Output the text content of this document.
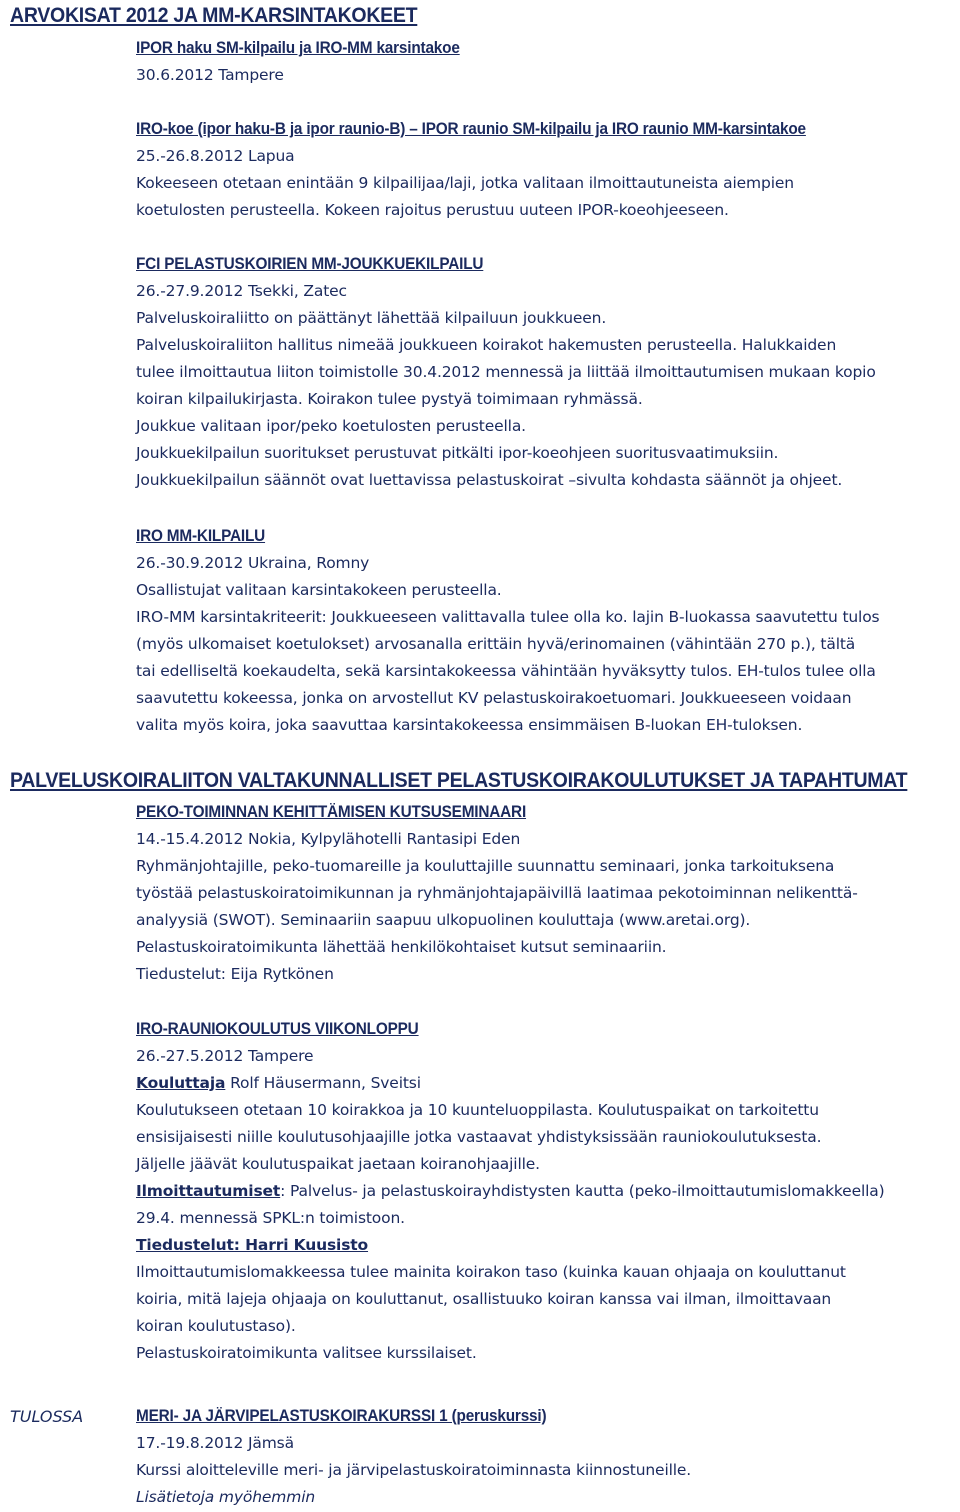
ARVOKISAT 2012 JA MM-KARSINTAKOKEET
IPOR haku SM-kilpailu ja IRO-MM karsintakoe
30.6.2012 Tampere
IRO-koe (ipor haku-B ja ipor raunio-B) – IPOR raunio SM-kilpailu ja IRO raunio MM-karsintakoe
25.-26.8.2012 Lapua
Kokeeseen otetaan enintään 9 kilpailijaa/laji, jotka valitaan ilmoittautuneista aiempien
koetulosten perusteella. Kokeen rajoitus perustuu uuteen IPOR-koeohjeeseen.
FCI PELASTUSKOIRIEN MM-JOUKKUEKILPAILU
26.-27.9.2012 Tsekki, Zatec
Palveluskoiraliitto on päättänyt lähettää kilpailuun joukkueen.
Palveluskoiraliiton hallitus nimeää joukkueen koirakot hakemusten perusteella. Halukkaiden
tulee ilmoittautua liiton toimistolle 30.4.2012 mennessä ja liittää ilmoittautumisen mukaan kopio
koiran kilpailukirjasta. Koirakon tulee pystyä toimimaan ryhmässä.
Joukkue valitaan ipor/peko koetulosten perusteella.
Joukkuekilpailun suoritukset perustuvat pitkälti ipor-koeohjeen suoritusvaatimuksiin.
Joukkuekilpailun säännöt ovat luettavissa pelastuskoirat –sivulta kohdasta säännöt ja ohjeet.
IRO MM-KILPAILU
26.-30.9.2012 Ukraina, Romny
Osallistujat valitaan karsintakokeen perusteella.
IRO-MM karsintakriteerit: Joukkueeseen valittavalla tulee olla ko. lajin B-luokassa saavutettu tulos
(myös ulkomaiset koetulokset) arvosanalla erittäin hyvä/erinomainen (vähintään 270 p.), tältä
tai edelliseltä koekaudelta, sekä karsintakokeessa vähintään hyväksytty tulos. EH-tulos tulee olla
saavutettu kokeessa, jonka on arvostellut KV pelastuskoirakoetuomari. Joukkueeseen voidaan
valita myös koira, joka saavuttaa karsintakokeessa ensimmäisen B-luokan EH-tuloksen.
PALVELUSKOIRALIITON VALTAKUNNALLISET PELASTUSKOIRAKOULUTUKSET JA TAPAHTUMAT
PEKO-TOIMINNAN KEHITTÄMISEN KUTSUSEMINAARI
14.-15.4.2012 Nokia, Kylpylähotelli Rantasipi Eden
Ryhmänjohtajille, peko-tuomareille ja kouluttajille suunnattu seminaari, jonka tarkoituksena
työstää pelastuskoiratoimikunnan ja ryhmänjohtajapäivillä laatimaa pekotoiminnan nelikenttä-
analyysiä (SWOT). Seminaariin saapuu ulkopuolinen kouluttaja (www.aretai.org).
Pelastuskoiratoimikunta lähettää henkilökohtaiset kutsut seminaariin.
Tiedustelut: Eija Rytkönen
IRO-RAUNIOKOULUTUS VIIKONLOPPU
26.-27.5.2012 Tampere
Kouluttaja Rolf Häusermann, Sveitsi
Koulutukseen otetaan 10 koirakkoa ja 10 kuunteluoppilasta. Koulutuspaikat on tarkoitettu
ensisijaisesti niille koulutusohjaajille jotka vastaavat yhdistyksissään rauniokoulutuksesta.
Jäljelle jäävät koulutuspaikat jaetaan koiranohjaajille.
Ilmoittautumiset: Palvelus- ja pelastuskoirayhdistysten kautta (peko-ilmoittautumislomakkeella)
29.4. mennessä SPKL:n toimistoon.
Tiedustelut: Harri Kuusisto
Ilmoittautumislomakkeessa tulee mainita koirakon taso (kuinka kauan ohjaaja on kouluttanut
koiria, mitä lajeja ohjaaja on kouluttanut, osallistuuko koiran kanssa vai ilman, ilmoittavaan
koiran koulutustaso).
Pelastuskoiratoimikunta valitsee kurssilaiset.
TULOSSA	MERI- JA JÄRVIPELASTUSKOIRAKURSSI 1 (peruskurssi)
17.-19.8.2012 Jämsä
Kurssi aloitteleville meri- ja järvipelastuskoiratoiminnasta kiinnostuneille.
Lisätietoja myöhemmin
